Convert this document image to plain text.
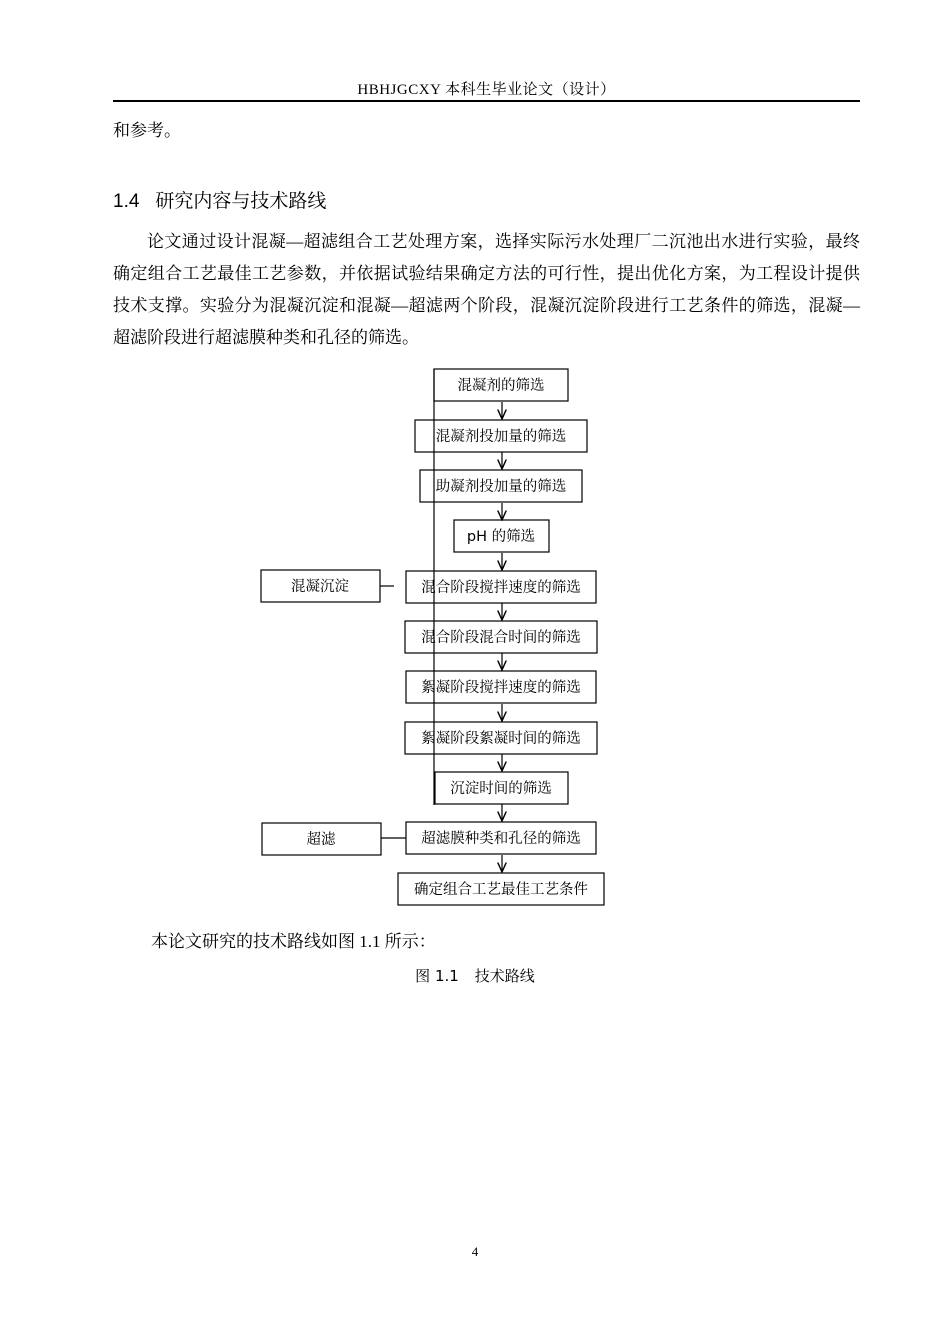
HBHJGCXY 本科生毕业论文（设计）
和参考。
1.4 研究内容与技术路线

论文通过设计混凝—超滤组合工艺处理方案，选择实际污水处理厂二沉池出水进行实验，最终确定组合工艺最佳工艺参数，并依据试验结果确定方法的可行性，提出优化方案，为工程设计提供技术支撑。实验分为混凝沉淀和混凝—超滤两个阶段，混凝沉淀阶段进行工艺条件的筛选，混凝—超滤阶段进行超滤膜种类和孔径的筛选。

混凝剂的筛选
混凝剂投加量的筛选
助凝剂投加量的筛选
pH 的筛选
混合阶段搅拌速度的筛选
混合阶段混合时间的筛选
絮凝阶段搅拌速度的筛选
絮凝阶段絮凝时间的筛选
沉淀时间的筛选
超滤膜种类和孔径的筛选
确定组合工艺最佳工艺条件
混凝沉淀
超滤
本论文研究的技术路线如图 1.1 所示：
图 1.1 技术路线
4
